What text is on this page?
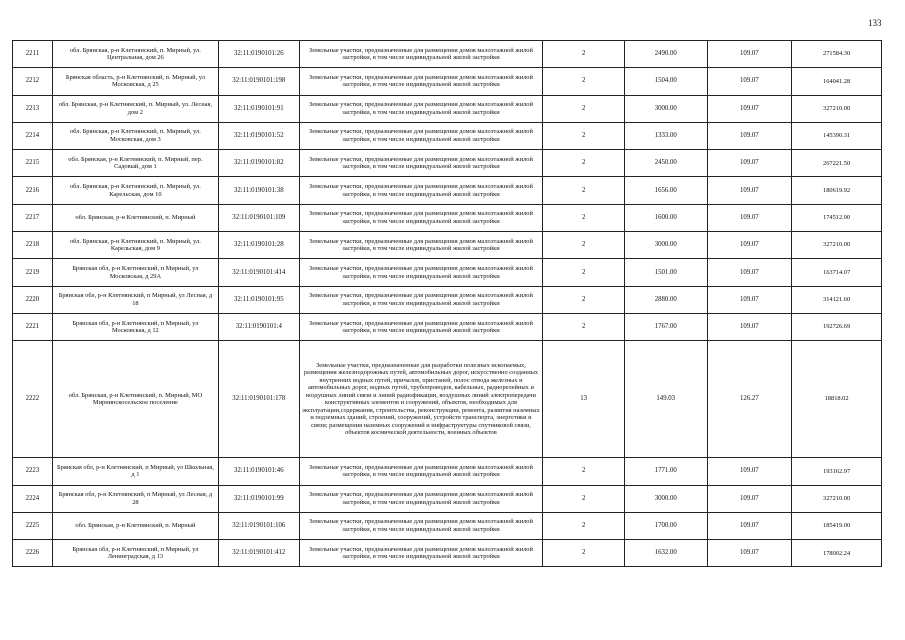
133
2211	обл. Брянская, р-н Клетнянский, п. Мирный, ул. Центральная, дом 26	32:11:0190101:26	Земельные участки, предназначенные для размещения домов малоэтажной жилой застройки, в том числе индивидуальной жилой застройки	2	2490.00	109.07	271584.30
2212	Брянская область, р-н Клетнянский, п. Мирный, ул Московская, д 25	32:11:0190101:198	Земельные участки, предназначенные для размещения домов малоэтажной жилой застройки, в том числе индивидуальной жилой застройки	2	1504.00	109.07	164041.28
2213	обл. Брянская, р-н Клетнянский, п. Мирный, ул. Лесная, дом 2	32:11:0190101:91	Земельные участки, предназначенные для размещения домов малоэтажной жилой застройки, в том числе индивидуальной жилой застройки	2	3000.00	109.07	327210.00
2214	обл. Брянская, р-н Клетнянский, п. Мирный, ул. Московская, дом 3	32:11:0190101:52	Земельные участки, предназначенные для размещения домов малоэтажной жилой застройки, в том числе индивидуальной жилой застройки	2	1333.00	109.07	145390.31
2215	обл. Брянская, р-н Клетнянский, п. Мирный, пер. Садовый, дом 1	32:11:0190101:82	Земельные участки, предназначенные для размещения домов малоэтажной жилой застройки, в том числе индивидуальной жилой застройки	2	2450.00	109.07	267221.50
2216	обл. Брянская, р-н Клетнянский, п. Мирный, ул. Карельская, дом 10	32:11:0190101:38	Земельные участки, предназначенные для размещения домов малоэтажной жилой застройки, в том числе индивидуальной жилой застройки	2	1656.00	109.07	180619.92
2217	обл. Брянская, р-н Клетнянский, п. Мирный	32:11:0190101:109	Земельные участки, предназначенные для размещения домов малоэтажной жилой застройки, в том числе индивидуальной жилой застройки	2	1600.00	109.07	174512.00
2218	обл. Брянская, р-н Клетнянский, п. Мирный, ул. Карельская, дом 9	32:11:0190101:28	Земельные участки, предназначенные для размещения домов малоэтажной жилой застройки, в том числе индивидуальной жилой застройки	2	3000.00	109.07	327210.00
2219	Брянская обл, р-н Клетнянский, п Мирный, ул Московская, д 29А	32:11:0190101:414	Земельные участки, предназначенные для размещения домов малоэтажной жилой застройки, в том числе индивидуальной жилой застройки	2	1501.00	109.07	163714.07
2220	Брянская обл, р-н Клетнянский, п Мирный, ул Лесная, д 18	32:11:0190101:95	Земельные участки, предназначенные для размещения домов малоэтажной жилой застройки, в том числе индивидуальной жилой застройки	2	2880.00	109.07	314121.60
2221	Брянская обл, р-н Клетнянский, п Мирный, ул Московская, д 12	32:11:0190101:4	Земельные участки, предназначенные для размещения домов малоэтажной жилой застройки, в том числе индивидуальной жилой застройки	2	1767.00	109.07	192726.69
2222	обл. Брянская, р-н Клетнянский, п. Мирный, МО Мирнинскосельское поселение	32:11:0190101:178	Земельные участки, предназначенные для разработки полезных ископаемых, размещения железнодорожных путей, автомобильных дорог, искусственно созданных внутренних водных путей, причалов, пристаней, полос отвода железных и автомобильных дорог, водных путей, трубопроводов, кабельных, радиорелейных и воздушных линий связи и линий радиофикации, воздушных линий электропередачи конструктивных элементов и сооружений, объектов, необходимых для эксплуатации,содержания, строительства, реконструкции, ремонта, развития наземных и подземных зданий, строений, сооружений, устройств транспорта, энергетики и связи; размещения наземных сооружений и инфраструктуры спутниковой связи, объектов космической деятельности, военных объектов	13	149.03	126.27	18818.02
2223	Брянская обл, р-н Клетнянский, п Мирный, ул Школьная, д 1	32:11:0190101:46	Земельные участки, предназначенные для размещения домов малоэтажной жилой застройки, в том числе индивидуальной жилой застройки	2	1771.00	109.07	193162.97
2224	Брянская обл, р-н Клетнянский, п Мирный, ул Лесная, д 28	32:11:0190101:99	Земельные участки, предназначенные для размещения домов малоэтажной жилой застройки, в том числе индивидуальной жилой застройки	2	3000.00	109.07	327210.00
2225	обл. Брянская, р-н Клетнянский, п. Мирный	32:11:0190101:106	Земельные участки, предназначенные для размещения домов малоэтажной жилой застройки, в том числе индивидуальной жилой застройки	2	1700.00	109.07	185419.00
2226	Брянская обл, р-н Клетнянский, п Мирный, ул Ленинградская, д 13	32:11:0190101:412	Земельные участки, предназначенные для размещения домов малоэтажной жилой застройки, в том числе индивидуальной жилой застройки	2	1632.00	109.07	178002.24
